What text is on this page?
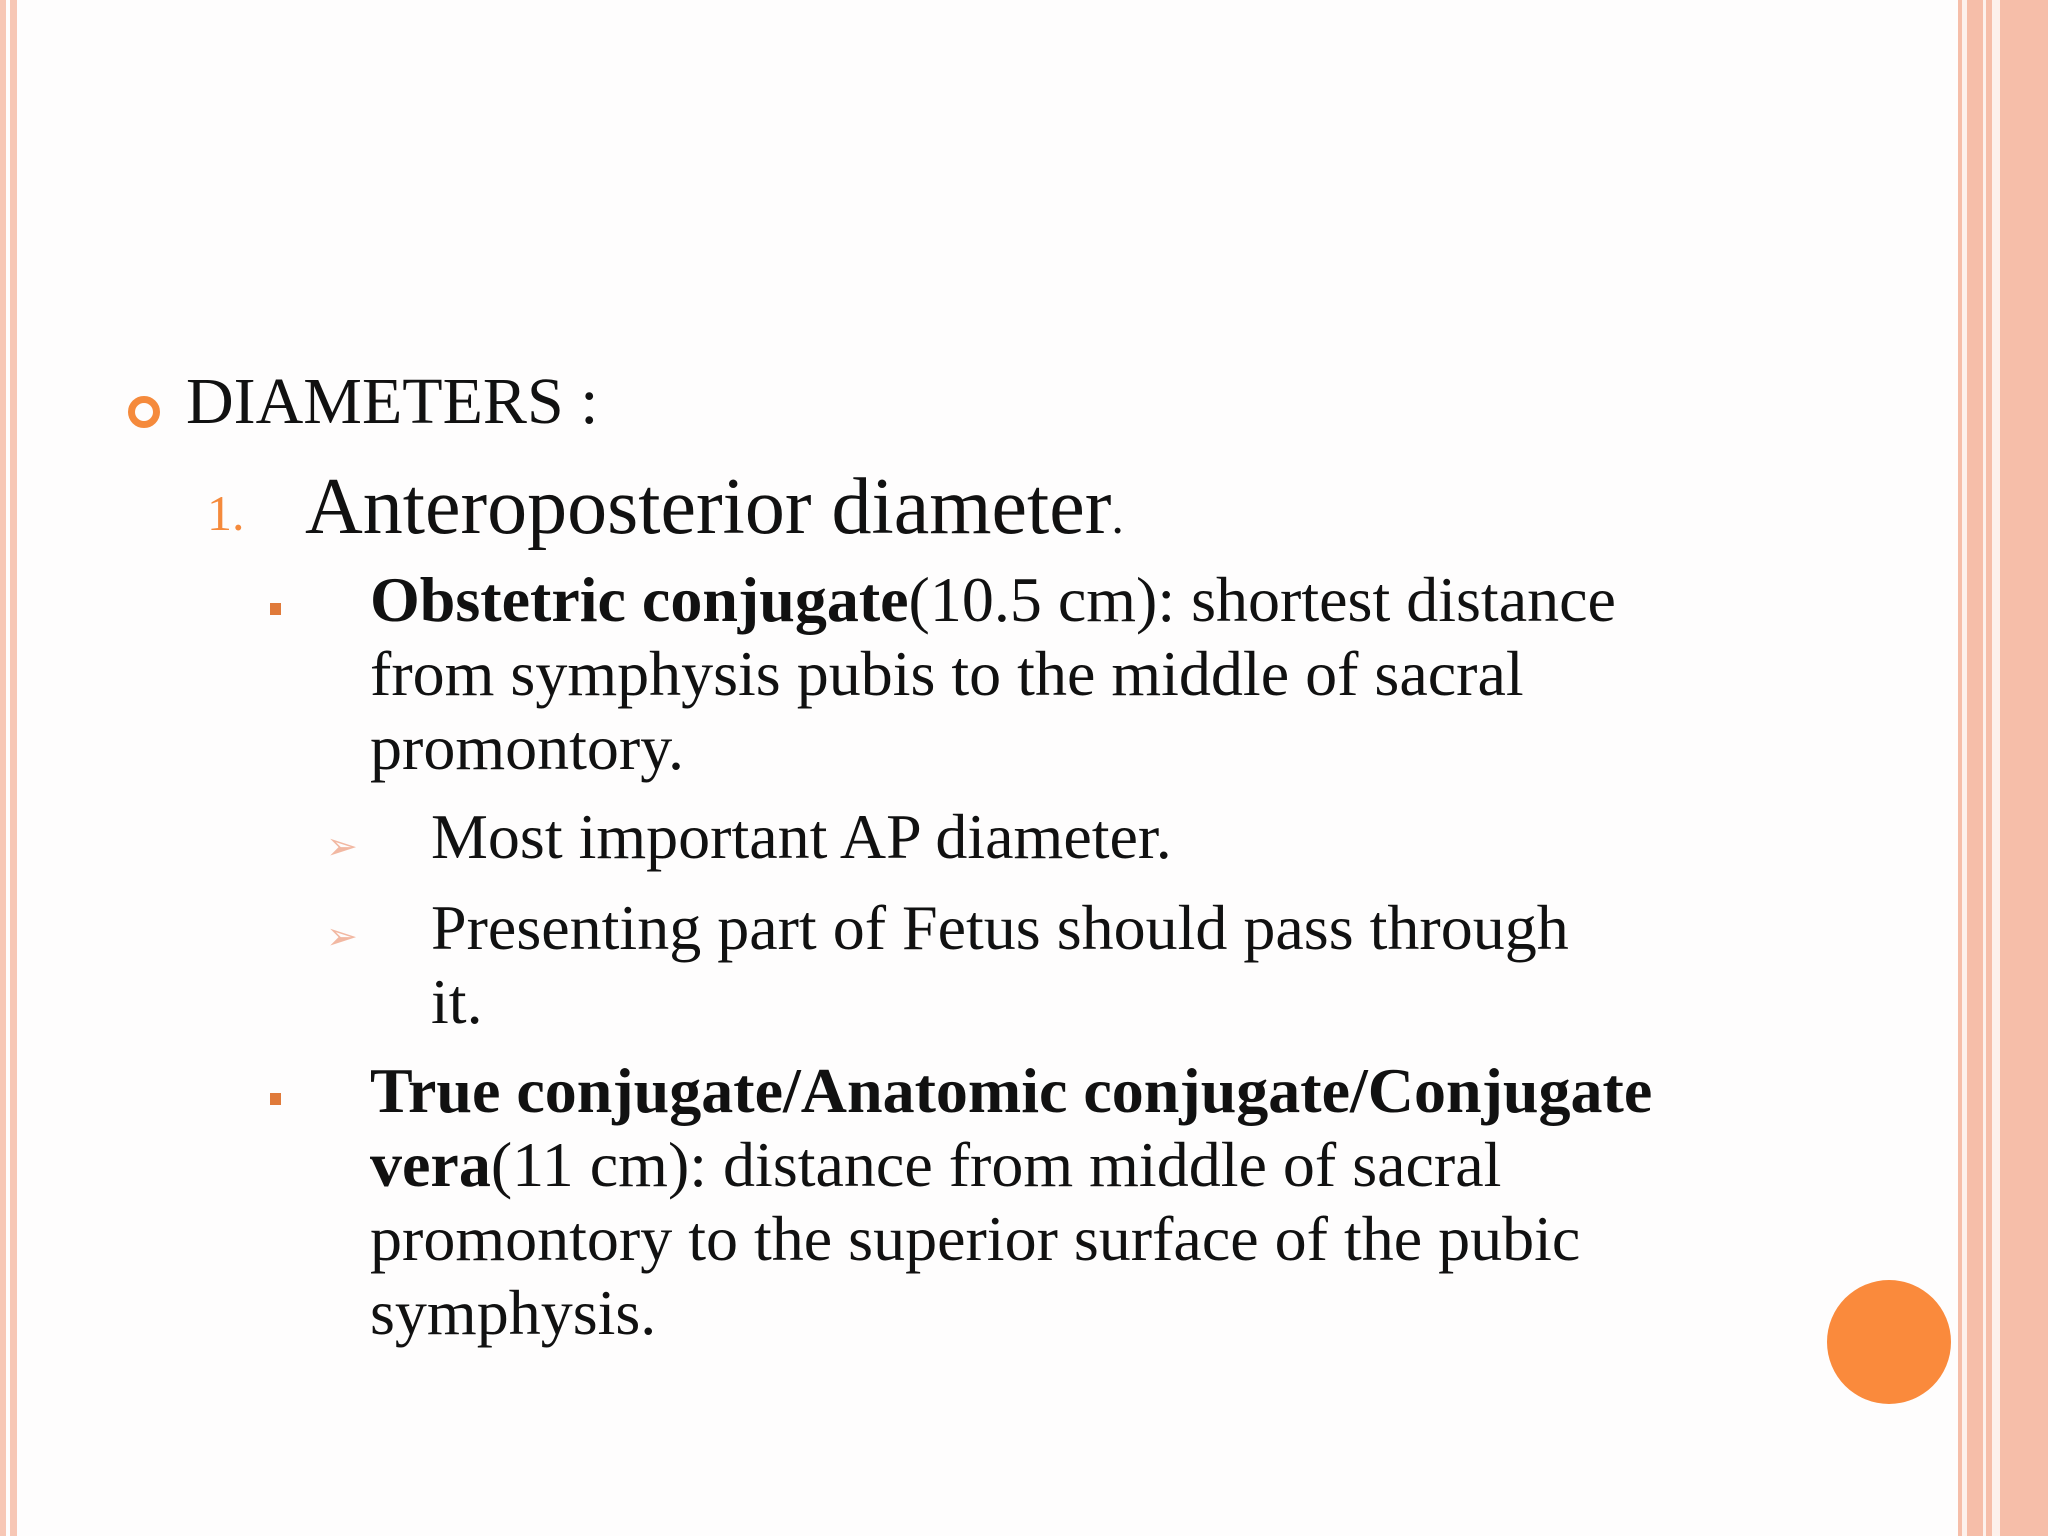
DIAMETERS :
1. Anteroposterior diameter.
Obstetric conjugate(10.5 cm): shortest distance from symphysis pubis to the middle of sacral promontory.
➢ Most important AP diameter.
➢ Presenting part of Fetus should pass through it.
True conjugate/Anatomic conjugate/Conjugate vera(11 cm): distance from middle of sacral promontory to the superior surface of the pubic symphysis.
